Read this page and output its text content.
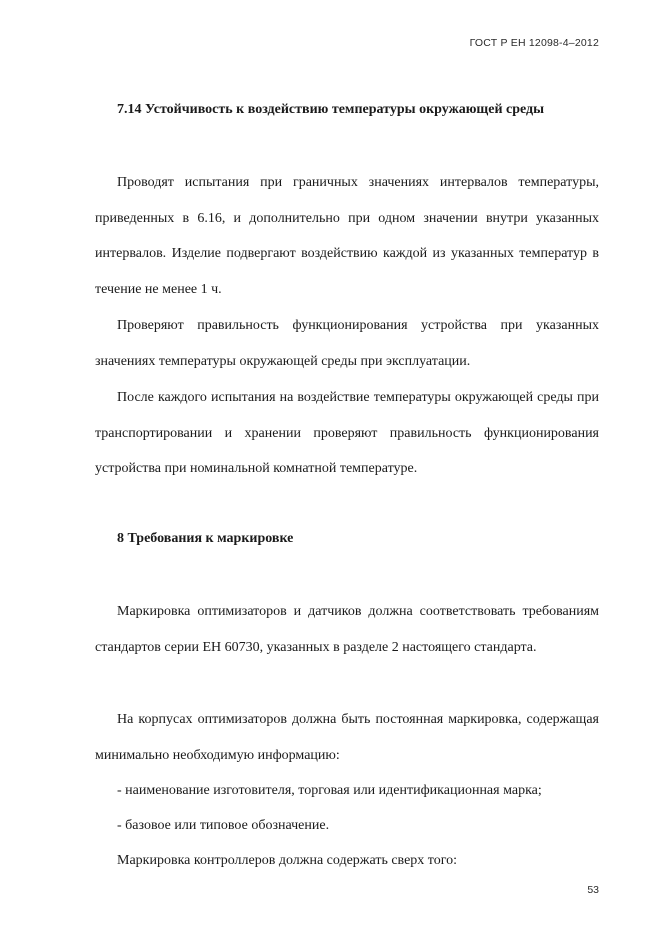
ГОСТ Р ЕН 12098-4–2012
7.14 Устойчивость к воздействию температуры окружающей среды

Проводят испытания при граничных значениях интервалов температуры, приведенных в 6.16, и дополнительно при одном значении внутри указанных интервалов. Изделие подвергают воздействию каждой из указанных температур в течение не менее 1 ч.

Проверяют правильность функционирования устройства при указанных значениях температуры окружающей среды при эксплуатации.

После каждого испытания на воздействие температуры окружающей среды при транспортировании и хранении проверяют правильность функционирования устройства при номинальной комнатной температуре.

8 Требования к маркировке

Маркировка оптимизаторов и датчиков должна соответствовать требованиям стандартов серии ЕН 60730, указанных в разделе 2 настоящего стандарта.

На корпусах оптимизаторов должна быть постоянная маркировка, содержащая минимально необходимую информацию:

- наименование изготовителя, торговая или идентификационная марка;
- базовое или типовое обозначение.
Маркировка контроллеров должна содержать сверх того:
53
